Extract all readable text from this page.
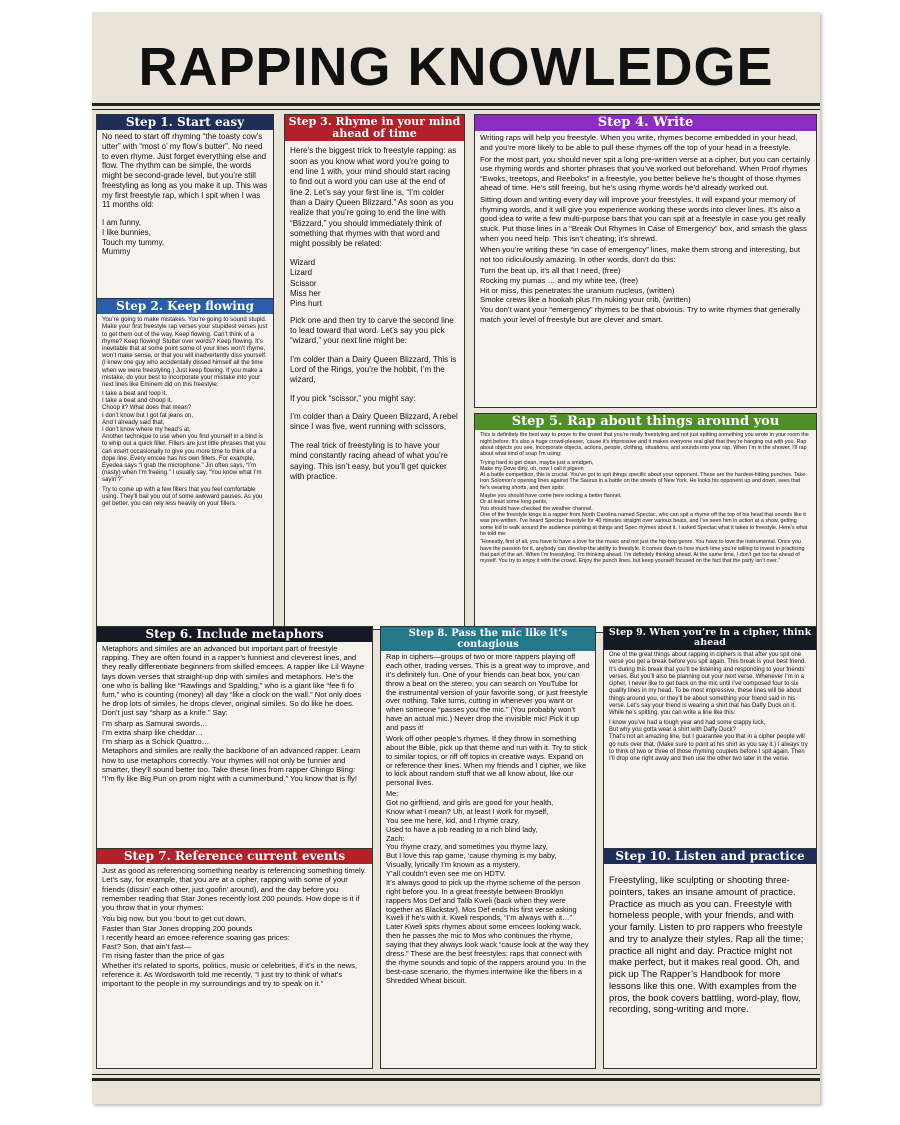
RAPPING KNOWLEDGE
Step 1. Start easy

No need to start off rhyming “the toasty cow’s utter” with “most o’ my flow’s butter”. No need to even rhyme. Just forget everything else and flow. The rhythm can be simple, the words might be second-grade level, but you’re still freestyling as long as you make it up. This was my first freestyle rap, which I spit when I was 11 months old:

I am funny,
I like bunnies,
Touch my tummy,
Mummy
Step 2. Keep flowing

You’re going to make mistakes. You’re going to sound stupid. Make your first freestyle rap verses your stupidest verses just to get them out of the way. Keep flowing. Can’t think of a rhyme? Keep flowing! Stutter over words? Keep flowing. It’s inevitable that at some point some of your lines won’t rhyme, won’t make sense, or that you will inadvertently diss yourself. (I knew one guy who accidentally dissed himself all the time when we were freestyling.) Just keep flowing. If you make a mistake, do your best to incorporate your mistake into your next lines like Eminem did on this freestyle:

I take a beat and loop it,
I take a beat and choop it,
Choop it? What does that mean?
I don’t know but I got fat jeans on,
And I already said that,
I don’t know where my head’s at,

Another technique to use when you find yourself in a bind is to whip out a quick filler. Fillers are just little phrases that you can insert occasionally to give you more time to think of a dope line. Every emcee has his own fillers. For example, Eyedea says “I grab the microphone.” Jin often says, “I’m (nasty) when I’m freeing.” I usually say, “You know what I’m sayin’?”

Try to come up with a few fillers that you feel comfortable using. They’ll bail you out of some awkward pauses. As you get better, you can rely less heavily on your fillers.

Step 3. Rhyme in your mind ahead of time

Here’s the biggest trick to freestyle rapping: as soon as you know what word you’re going to end line 1 with, your mind should start racing to find out a word you can use at the end of line 2. Let’s say your first line is, “I’m colder than a Dairy Queen Blizzard.” As soon as you realize that you’re going to end the line with “Blizzard,” you should immediately think of something that rhymes with that word and might possibly be related:

Wizard
Lizard
Scissor
Miss her
Pins hurt

Pick one and then try to carve the second line to lead toward that word. Let’s say you pick “wizard,” your next line might be:

I’m colder than a Dairy Queen Blizzard, This is Lord of the Rings, you’re the hobbit, I’m the wizard,

If you pick “scissor,” you might say:

I’m colder than a Dairy Queen Blizzard, A rebel since I was five, went running with scissors,

The real trick of freestyling is to have your mind constantly racing ahead of what you’re saying. This isn’t easy, but you’ll get quicker with practice.

Step 4. Write

Writing raps will help you freestyle. When you write, rhymes become embedded in your head, and you’re more likely to be able to pull these rhymes off the top of your head in a freestyle.

For the most part, you should never spit a long pre-written verse at a cipher, but you can certainly use rhyming words and shorter phrases that you’ve worked out beforehand. When Proof rhymes “Ewoks, treetops, and Reeboks” in a freestyle, you better believe he’s thought of those rhymes ahead of time. He’s still freeing, but he’s using rhyme words he’d already worked out.

Sitting down and writing every day will improve your freestyles. It will expand your memory of rhyming words, and it will give you experience working these words into clever lines. It’s also a good idea to write a few multi-purpose bars that you can spit at a freestyle in case you get really stuck. Put those lines in a “Break Out Rhymes In Case of Emergency” box, and smash the glass when you need help. This isn’t cheating; it’s shrewd.

When you’re writing these “in case of emergency” lines, make them strong and interesting, but not too ridiculously amazing. In other words, don’t do this:

Turn the beat up, it’s all that I need, (free)
Rocking my pumas … and my white tee, (free)
Hit or miss, this penetrates the uranium nucleus, (written)
Smoke crews like a hookah plus I’m nuking your crib, (written)

You don’t want your “emergency” rhymes to be that obvious. Try to write rhymes that generally match your level of freestyle but are clever and smart.

Step 5. Rap about things around you

This is definitely the best way to prove to the crowd that you’re really freestyling and not just spitting something you wrote in your room the night before. It’s also a huge crowd-pleaser, ‘cause it’s impressive and it makes everyone real glad that they’re hanging out with you. Rap about objects you see. Incorporate objects, actions, people, clothing, situations, and sounds into your rap. When I’m in the shower, I’ll rap about what kind of soap I’m using:

Trying hard to get clean, maybe just a smidgen,
Make my Dove dirty, oh, now I call it pigeon

At a battle competition, this is crucial. You’ve got to spit things specific about your opponent. These are the hardest-hitting punches. Take Iron Solomon’s opening lines against The Saurus in a battle on the streets of New York. He looks his opponent up and down, sees that he’s wearing shorts, and then spits:

Maybe you should have come here rocking a better flannel,
Or at least some long pants,
You should have checked the weather channel.

One of the freestyle kings is a rapper from North Carolina named Spectac, who can spit a rhyme off the top of his head that sounds like it was pre-written. I’ve heard Spectac freestyle for 40 minutes straight over various beats, and I’ve seen him in action at a show, getting some kid to walk around the audience pointing at things and Spec rhymes about it. I asked Spectac what it takes to freestyle. Here’s what he told me:

“Honestly, first of all, you have to have a love for the music and not just the hip-hop genre. You have to love the instrumental. Once you have the passion for it, anybody can develop the ability to freestyle. It comes down to how much time you’re willing to invest in practicing that part of the art. When I’m freestyling, I’m thinking ahead. I’m definitely thinking ahead. At the same time, I don’t get too far ahead of myself. You try to enjoy it with the crowd. Enjoy the punch lines, but keep yourself focused on the fact that the party isn’t over.”

Step 6. Include metaphors

Metaphors and similes are an advanced but important part of freestyle rapping. They are often found in a rapper’s funniest and cleverest lines, and they really differentiate beginners from skilled emcees. A rapper like Lil Wayne lays down verses that straight-up drip with similes and metaphors. He’s the one who is balling like “Rawlings and Spalding,” who is a giant like “fee fi fo fum,” who is counting (money) all day “like a clock on the wall.” Not only does he drop lots of similes, he drops clever, original similes. So do like he does. Don’t just say “sharp as a knife.” Say:

I’m sharp as Samurai swords…
I’m extra sharp like cheddar…
I’m sharp as a Schick Quattro…

Metaphors and similes are really the backbone of an advanced rapper. Learn how to use metaphors correctly. Your rhymes will not only be funnier and smarter, they’ll sound better too. Take these lines from rapper Chingo Bling: “I’m fly like Big Pun on prom night with a cummerbund.” You know that is fly!

Step 7. Reference current events

Just as good as referencing something nearby is referencing something timely. Let’s say, for example, that you are at a cipher, rapping with some of your friends (dissin’ each other, just goofin’ around), and the day before you remember reading that Star Jones recently lost 200 pounds. How dope is it if you throw that in your rhymes:

You big now, but you ‘bout to get cut down,
Faster than Star Jones dropping 200 pounds
I recently heard an emcee reference soaring gas prices:
Fast? Son, that ain’t fast—
I’m rising faster than the price of gas

Whether it’s related to sports, politics, music or celebrities, if it’s in the news, reference it. As Wordsworth told me recently, “I just try to think of what’s important to the people in my surroundings and try to speak on it.”

Step 8. Pass the mic like it’s contagious

Rap in ciphers—groups of two or more rappers playing off each other, trading verses. This is a great way to improve, and it’s definitely fun. One of your friends can beat box, you can throw a beat on the stereo, you can search on YouTube for the instrumental version of your favorite song, or just freestyle over nothing. Take turns, cutting in whenever you want or when someone “passes you the mic.” (You probably won’t have an actual mic.) Never drop the invisible mic! Pick it up and pass it!

Work off other people’s rhymes. If they throw in something about the Bible, pick up that theme and run with it. Try to stick to similar topics, or riff off topics in creative ways. Expand on or reference their lines. When my friends and I cipher, we like to kick about random stuff that we all know about, like our personal lives.

Me:
Got no girlfriend, and girls are good for your health,
Know what I mean? Uh, at least I work for myself,
You see me here, kid, and I rhyme crazy,
Used to have a job reading to a rich blind lady,
Zach:
You rhyme crazy, and sometimes you rhyme lazy,
But I love this rap game, ‘cause rhyming is my baby,
Visually, lyrically I’m known as a mystery,
Y’all couldn’t even see me on HDTV.

It’s always good to pick up the rhyme scheme of the person right before you. In a great freestyle between Brooklyn rappers Mos Def and Talib Kweli (back when they were together as Blackstar), Mos Def ends his first verse asking Kweli if he’s with it. Kweli responds, “I’m always with it…” Later Kweli spits rhymes about some emcees looking wack, then he passes the mic to Mos who continues the rhyme, saying that they always look wack “cause look at the way they dress.” These are the best freestyles: raps that connect with the rhyme sounds and topic of the rappers around you. In the best-case scenario, the rhymes intertwine like the fibers in a Shredded Wheat biscuit.

Step 9. When you’re in a cipher, think ahead

One of the great things about rapping in ciphers is that after you spit one verse you get a break before you spit again. This break is your best friend. It’s during this break that you’ll be listening and responding to your friends’ verses. But you’ll also be planning out your next verse. Whenever I’m in a cipher, I never like to get back on the mic until I’ve composed four to six quality lines in my head. To be most impressive, these lines will be about things around you, or they’ll be about something your friend said in his verse. Let’s say your friend is wearing a shirt that has Daffy Duck on it. While he’s spitting, you can write a line like this:

I know you’ve had a tough year and had some crappy luck,
But why you gotta wear a shirt with Daffy Duck?

That’s not an amazing line, but I guarantee you that in a cipher people will go nuts over that. (Make sure to point at his shirt as you say it.) I always try to think of two or three of those rhyming couplets before I spit again. Then I’ll drop one right away and then use the other two later in the verse.

Step 10. Listen and practice

Freestyling, like sculpting or shooting three-pointers, takes an insane amount of practice. Practice as much as you can. Freestyle with homeless people, with your friends, and with your family. Listen to pro rappers who freestyle and try to analyze their styles. Rap all the time; practice all night and day. Practice might not make perfect, but it makes real good. Oh, and pick up The Rapper’s Handbook for more lessons like this one. With examples from the pros, the book covers battling, word-play, flow, recording, song-writing and more.
